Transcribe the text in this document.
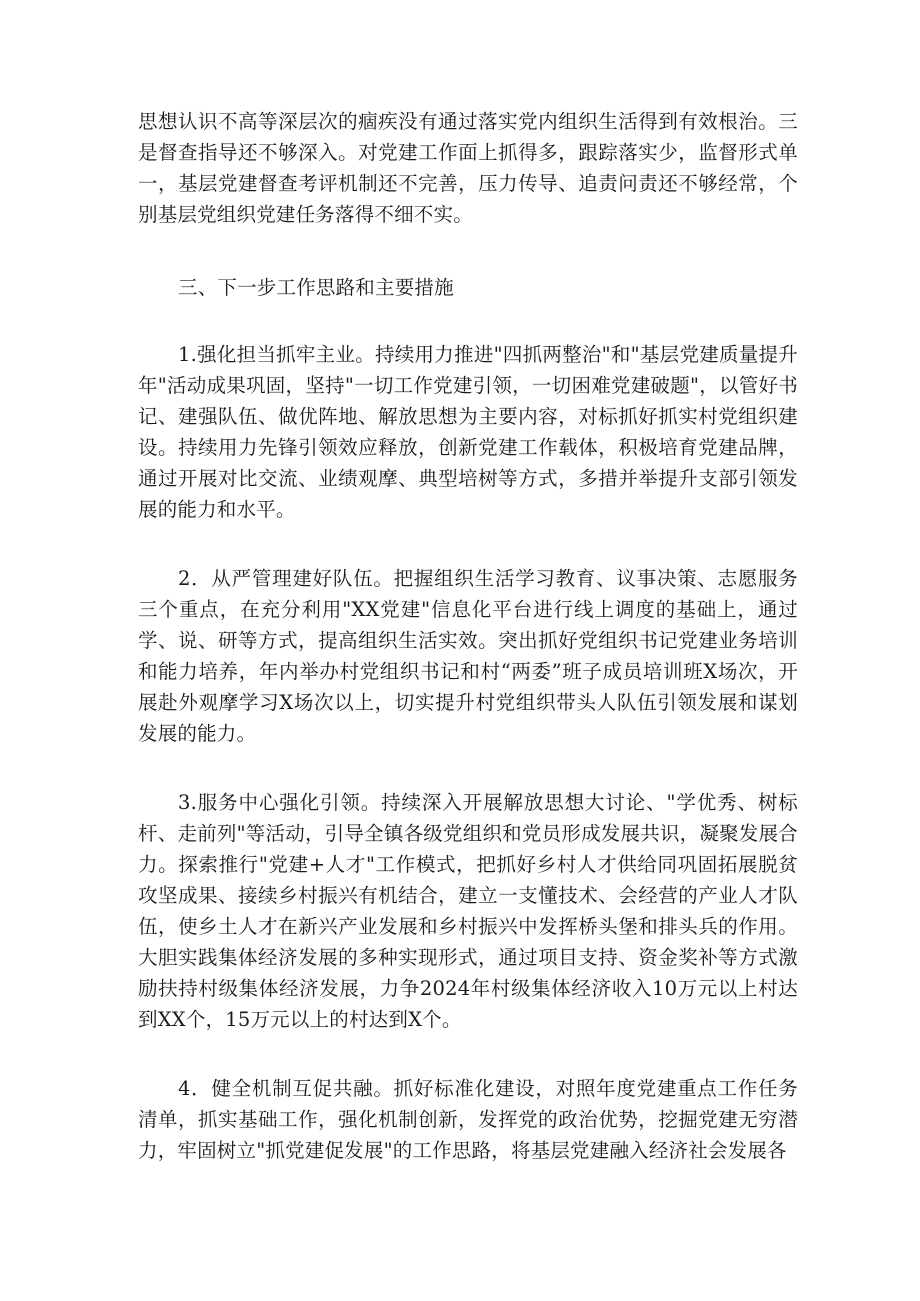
思想认识不高等深层次的痼疾没有通过落实党内组织生活得到有效根治。三是督查指导还不够深入。对党建工作面上抓得多，跟踪落实少，监督形式单一，基层党建督查考评机制还不完善，压力传导、追责问责还不够经常，个别基层党组织党建任务落得不细不实。

三、下一步工作思路和主要措施

1.强化担当抓牢主业。持续用力推进"四抓两整治"和"基层党建质量提升年"活动成果巩固，坚持"一切工作党建引领，一切困难党建破题"，以管好书记、建强队伍、做优阵地、解放思想为主要内容，对标抓好抓实村党组织建设。持续用力先锋引领效应释放，创新党建工作载体，积极培育党建品牌，通过开展对比交流、业绩观摩、典型培树等方式，多措并举提升支部引领发展的能力和水平。

2．从严管理建好队伍。把握组织生活学习教育、议事决策、志愿服务三个重点，在充分利用"XX党建"信息化平台进行线上调度的基础上，通过学、说、研等方式，提高组织生活实效。突出抓好党组织书记党建业务培训和能力培养，年内举办村党组织书记和村“两委”班子成员培训班X场次，开展赴外观摩学习X场次以上，切实提升村党组织带头人队伍引领发展和谋划发展的能力。

3.服务中心强化引领。持续深入开展解放思想大讨论、"学优秀、树标杆、走前列"等活动，引导全镇各级党组织和党员形成发展共识，凝聚发展合力。探索推行"党建+人才"工作模式，把抓好乡村人才供给同巩固拓展脱贫攻坚成果、接续乡村振兴有机结合，建立一支懂技术、会经营的产业人才队伍，使乡土人才在新兴产业发展和乡村振兴中发挥桥头堡和排头兵的作用。大胆实践集体经济发展的多种实现形式，通过项目支持、资金奖补等方式激励扶持村级集体经济发展，力争2024年村级集体经济收入10万元以上村达到XX个，15万元以上的村达到X个。

4．健全机制互促共融。抓好标准化建设，对照年度党建重点工作任务清单，抓实基础工作，强化机制创新，发挥党的政治优势，挖掘党建无穷潜力，牢固树立"抓党建促发展"的工作思路，将基层党建融入经济社会发展各
